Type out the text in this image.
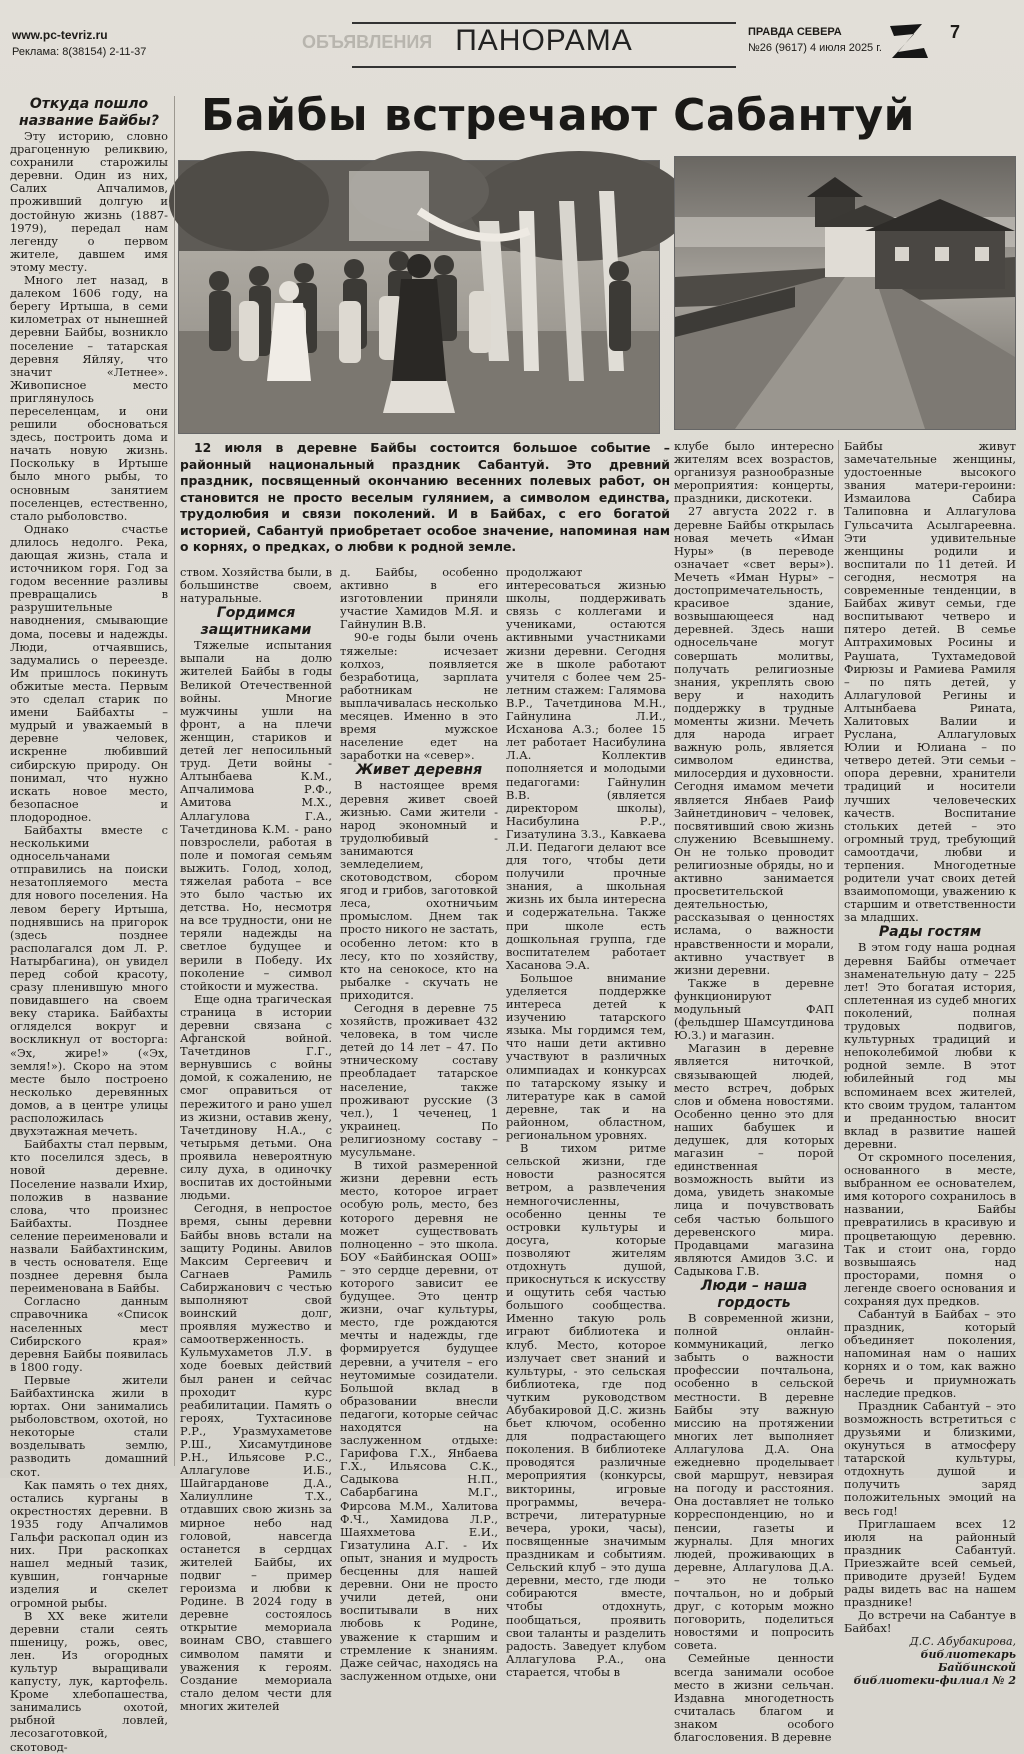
ОБЪЯВЛЕНИЯ
www.pc-tevriz.ru
Реклама: 8(38154) 2-11-37	ПАНОРАМА	ПРАВДА СЕВЕРА
№26 (9617) 4 июля 2025 г.
7
Байбы встречают Сабантуй

12 июля в деревне Байбы состоится большое событие – районный национальный праздник Сабантуй. Это древний праздник, посвященный окончанию весенних полевых работ, он становится не просто веселым гулянием, а символом единства, трудолюбия и связи поколений. И в Байбах, с его богатой историей, Сабантуй приобретает особое значение, напоминая нам о корнях, о предках, о любви к родной земле.

Откуда пошло название Байбы?

Эту историю, словно драгоценную реликвию, сохранили старожилы деревни. Один из них, Салих Апчалимов, проживший долгую и достойную жизнь (1887-1979), передал нам легенду о первом жителе, давшем имя этому месту.

Много лет назад, в далеком 1606 году, на берегу Иртыша, в семи километрах от нынешней деревни Байбы, возникло поселение – татарская деревня Яйляу, что значит «Летнее». Живописное место приглянулось переселенцам, и они решили обосноваться здесь, построить дома и начать новую жизнь. Поскольку в Иртыше было много рыбы, то основным занятием поселенцев, естественно, стало рыболовство.

Однако счастье длилось недолго. Река, дающая жизнь, стала и источником горя. Год за годом весенние разливы превращались в разрушительные наводнения, смывающие дома, посевы и надежды. Люди, отчаявшись, задумались о переезде. Им пришлось покинуть обжитые места. Первым это сделал старик по имени Байбахты – мудрый и уважаемый в деревне человек, искренне любивший сибирскую природу. Он понимал, что нужно искать новое место, безопасное и плодородное.

Байбахты вместе с несколькими односельчанами отправились на поиски незатопляемого места для нового поселения. На левом берегу Иртыша, поднявшись на пригорок (здесь позднее располагался дом Л. Р. Натырбагина), он увидел перед собой красоту, сразу пленившую много повидавшего на своем веку старика. Байбахты огляделся вокруг и воскликнул от восторга: «Эх, жире!» («Эх, земля!»). Скоро на этом месте было построено несколько деревянных домов, а в центре улицы расположилась двухэтажная мечеть.

Байбахты стал первым, кто поселился здесь, в новой деревне. Поселение назвали Ихир, положив в название слова, что произнес Байбахты. Позднее селение переименовали и назвали Байбахтинским, в честь основателя. Еще позднее деревня была переименована в Байбы.

Согласно данным справочника «Список населенных мест Сибирского края» деревня Байбы появилась в 1800 году.

Первые жители Байбахтинска жили в юртах. Они занимались рыболовством, охотой, но некоторые стали возделывать землю, разводить домашний скот.

Как память о тех днях, остались курганы в окрестностях деревни. В 1935 году Апчалимов Гальфи раскопал один из них. При раскопках нашел медный тазик, кувшин, гончарные изделия и скелет огромной рыбы.

В XX веке жители деревни стали сеять пшеницу, рожь, овес, лен. Из огородных культур выращивали капусту, лук, картофель. Кроме хлебопашества, занимались охотой, рыбной ловлей, лесозаготовкой, скотовод-

ством. Хозяйства были, в большинстве своем, натуральные.

Гордимся защитниками

Тяжелые испытания выпали на долю жителей Байбы в годы Великой Отечественной войны. Многие мужчины ушли на фронт, а на плечи женщин, стариков и детей лег непосильный труд. Дети войны - Алтынбаева К.М., Апчалимова Р.Ф., Амитова М.Х., Аллагулова Г.А., Тачетдинова К.М. - рано повзрослели, работая в поле и помогая семьям выжить. Голод, холод, тяжелая работа – все это было частью их детства. Но, несмотря на все трудности, они не теряли надежды на светлое будущее и верили в Победу. Их поколение – символ стойкости и мужества.

Еще одна трагическая страница в истории деревни связана с Афганской войной. Тачетдинов Г.Г., вернувшись с войны домой, к сожалению, не смог оправиться от пережитого и рано ушел из жизни, оставив жену, Тачетдинову Н.А., с четырьмя детьми. Она проявила невероятную силу духа, в одиночку воспитав их достойными людьми.

Сегодня, в непростое время, сыны деревни Байбы вновь встали на защиту Родины. Авилов Максим Сергеевич и Сагнаев Рамиль Сабиржанович с честью выполняют свой воинский долг, проявляя мужество и самоотверженность. Кульмухаметов Л.У. в ходе боевых действий был ранен и сейчас проходит курс реабилитации. Память о героях, Тухтасинове Р.Р., Уразмухаметове Р.Ш., Хисамутдинове Р.Н., Ильясове Р.С., Аллагулове И.Б., Шайгарданове Д.А., Халиуллине Т.Х., отдавших свою жизнь за мирное небо над головой, навсегда останется в сердцах жителей Байбы, их подвиг – пример героизма и любви к Родине. В 2024 году в деревне состоялось открытие мемориала воинам СВО, ставшего символом памяти и уважения к героям. Создание мемориала стало делом чести для многих жителей

д. Байбы, особенно активно в его изготовлении приняли участие Хамидов М.Я. и Гайнулин В.В.

90-е годы были очень тяжелые: исчезает колхоз, появляется безработица, зарплата работникам не выплачивалась несколько месяцев. Именно в это время мужское население едет на заработки на «север».

Живет деревня

В настоящее время деревня живет своей жизнью. Сами жители - народ экономный и трудолюбивый - занимаются земледелием, скотоводством, сбором ягод и грибов, заготовкой леса, охотничьим промыслом. Днем так просто никого не застать, особенно летом: кто в лесу, кто по хозяйству, кто на сенокосе, кто на рыбалке - скучать не приходится.

Сегодня в деревне 75 хозяйств, проживает 432 человека, в том числе детей до 14 лет – 47. По этническому составу преобладает татарское население, также проживают русские (3 чел.), 1 чеченец, 1 украинец. По религиозному составу – мусульмане.

В тихой размеренной жизни деревни есть место, которое играет особую роль, место, без которого деревня не может существовать полноценно – это школа. БОУ «Байбинская ООШ» – это сердце деревни, от которого зависит ее будущее. Это центр жизни, очаг культуры, место, где рождаются мечты и надежды, где формируется будущее деревни, а учителя – его неутомимые созидатели. Большой вклад в образовании внесли педагоги, которые сейчас находятся на заслуженном отдыхе: Гарифова Г.Х., Янбаева Г.Х., Ильясова С.К., Садыкова Н.П., Сабарбагина М.Г., Фирсова М.М., Халитова Ф.Ч., Хамидова Л.Р., Шаяхметова Е.И., Гизатулина А.Г. - Их опыт, знания и мудрость бесценны для нашей деревни. Они не просто учили детей, они воспитывали в них любовь к Родине, уважение к старшим и стремление к знаниям. Даже сейчас, находясь на заслуженном отдыхе, они

продолжают интересоваться жизнью школы, поддерживать связь с коллегами и учениками, остаются активными участниками жизни деревни. Сегодня же в школе работают учителя с более чем 25-летним стажем: Галямова В.Р., Тачетдинова М.Н., Гайнулина Л.И., Исханова А.З.; более 15 лет работает Насибулина Л.А. Коллектив пополняется и молодыми педагогами: Гайнулин В.В. (является директором школы), Насибулина Р.Р., Гизатулина З.З., Кавкаева Л.И. Педагоги делают все для того, чтобы дети получили прочные знания, а школьная жизнь их была интересна и содержательна. Также при школе есть дошкольная группа, где воспитателем работает Хасанова Э.А.

Большое внимание уделяется поддержке интереса детей к изучению татарского языка. Мы гордимся тем, что наши дети активно участвуют в различных олимпиадах и конкурсах по татарскому языку и литературе как в самой деревне, так и на районном, областном, региональном уровнях.

В тихом ритме сельской жизни, где новости разносятся ветром, а развлечения немногочисленны, особенно ценны те островки культуры и досуга, которые позволяют жителям отдохнуть душой, прикоснуться к искусству и ощутить себя частью большого сообщества. Именно такую роль играют библиотека и клуб. Место, которое излучает свет знаний и культуры, - это сельская библиотека, где под чутким руководством Абубакировой Д.С. жизнь бьет ключом, особенно для подрастающего поколения. В библиотеке проводятся различные мероприятия (конкурсы, викторины, игровые программы, вечера-встречи, литературные вечера, уроки, часы), посвященные значимым праздникам и событиям. Сельский клуб – это душа деревни, место, где люди собираются вместе, чтобы отдохнуть, пообщаться, проявить свои таланты и разделить радость. Заведует клубом Аллагулова Р.А., она старается, чтобы в

клубе было интересно жителям всех возрастов, организуя разнообразные мероприятия: концерты, праздники, дискотеки.

27 августа 2022 г. в деревне Байбы открылась новая мечеть «Иман Нуры» (в переводе означает «свет веры»). Мечеть «Иман Нуры» – достопримечательность, красивое здание, возвышающееся над деревней. Здесь наши односельчане могут совершать молитвы, получать религиозные знания, укреплять свою веру и находить поддержку в трудные моменты жизни. Мечеть для народа играет важную роль, является символом единства, милосердия и духовности. Сегодня имамом мечети является Янбаев Раиф Зайнетдинович – человек, посвятивший свою жизнь служению Всевышнему. Он не только проводит религиозные обряды, но и активно занимается просветительской деятельностью, рассказывая о ценностях ислама, о важности нравственности и морали, активно участвует в жизни деревни.

Также в деревне функционируют модульный ФАП (фельдшер Шамсутдинова Ю.З.) и магазин.

Магазин в деревне является ниточкой, связывающей людей, место встреч, добрых слов и обмена новостями. Особенно ценно это для наших бабушек и дедушек, для которых магазин – порой единственная возможность выйти из дома, увидеть знакомые лица и почувствовать себя частью большого деревенского мира. Продавцами магазина являются Амидов З.С. и Садыкова Г.В.

Люди – наша гордость

В современной жизни, полной онлайн-коммуникаций, легко забыть о важности профессии почтальона, особенно в сельской местности. В деревне Байбы эту важную миссию на протяжении многих лет выполняет Аллагулова Д.А. Она ежедневно проделывает свой маршрут, невзирая на погоду и расстояния. Она доставляет не только корреспонденцию, но и пенсии, газеты и журналы. Для многих людей, проживающих в деревне, Аллагулова Д.А. – это не только почтальон, но и добрый друг, с которым можно поговорить, поделиться новостями и попросить совета.

Семейные ценности всегда занимали особое место в жизни сельчан. Издавна многодетность считалась благом и знаком особого благословения. В деревне

Байбы живут замечательные женщины, удостоенные высокого звания матери-героини: Измаилова Сабира Талиповна и Аллагулова Гульсачита Асылгареевна. Эти удивительные женщины родили и воспитали по 11 детей. И сегодня, несмотря на современные тенденции, в Байбах живут семьи, где воспитывают четверо и пятеро детей. В семье Аптрахимовых Росины и Раушата, Тухтамедовой Фирюзы и Рамиева Рамиля – по пять детей, у Аллагуловой Регины и Алтынбаева Рината, Халитовых Валии и Руслана, Аллагуловых Юлии и Юлиана – по четверо детей. Эти семьи – опора деревни, хранители традиций и носители лучших человеческих качеств. Воспитание стольких детей – это огромный труд, требующий самоотдачи, любви и терпения. Многодетные родители учат своих детей взаимопомощи, уважению к старшим и ответственности за младших.

Рады гостям

В этом году наша родная деревня Байбы отмечает знаменательную дату – 225 лет! Это богатая история, сплетенная из судеб многих поколений, полная трудовых подвигов, культурных традиций и непоколебимой любви к родной земле. В этот юбилейный год мы вспоминаем всех жителей, кто своим трудом, талантом и преданностью вносит вклад в развитие нашей деревни.

От скромного поселения, основанного в месте, выбранном ее основателем, имя которого сохранилось в названии, Байбы превратились в красивую и процветающую деревню. Так и стоит она, гордо возвышаясь над просторами, помня о легенде своего основания и сохраняя дух предков.

Сабантуй в Байбах – это праздник, который объединяет поколения, напоминая нам о наших корнях и о том, как важно беречь и приумножать наследие предков.

Праздник Сабантуй – это возможность встретиться с друзьями и близкими, окунуться в атмосферу татарской культуры, отдохнуть душой и получить заряд положительных эмоций на весь год!

Приглашаем всех 12 июля на районный праздник Сабантуй. Приезжайте всей семьей, приводите друзей! Будем рады видеть вас на нашем празднике!

До встречи на Сабантуе в Байбах!

Д.С. Абубакирова,
библиотекарь Байбинской
библиотеки-филиал № 2
